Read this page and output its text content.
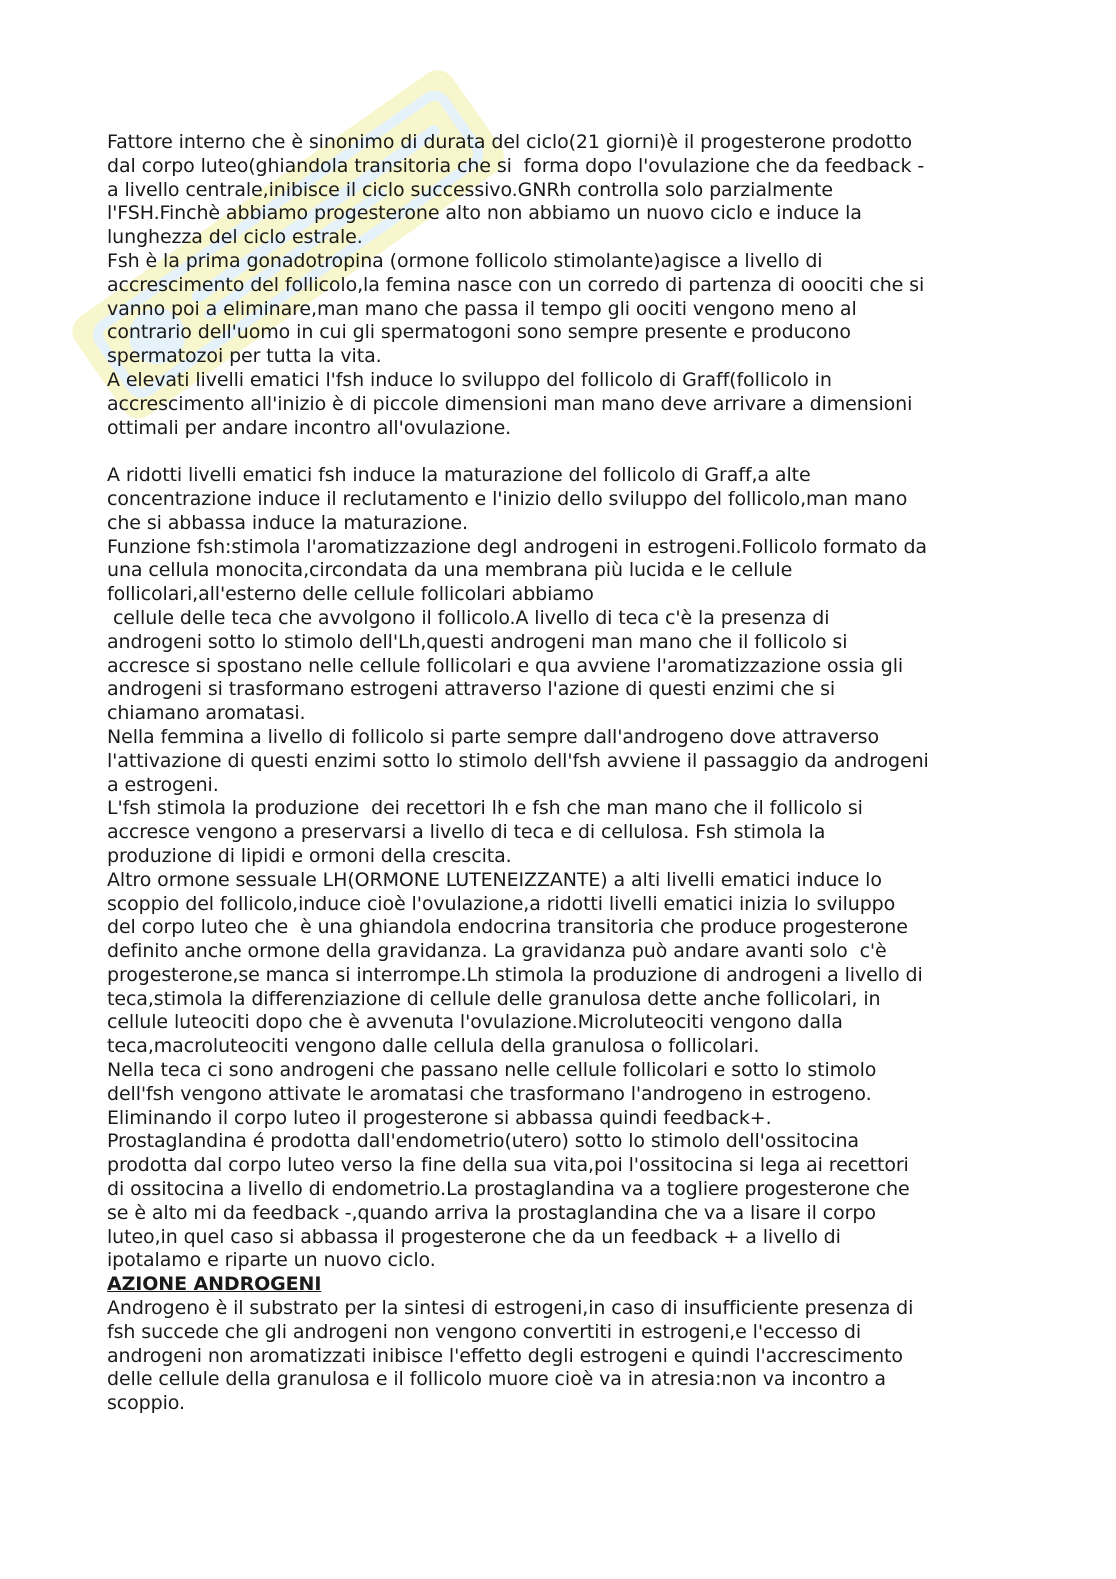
Fattore interno che è sinonimo di durata del ciclo(21 giorni)è il progesterone prodotto
dal corpo luteo(ghiandola transitoria che si  forma dopo l'ovulazione che da feedback -
a livello centrale,inibisce il ciclo successivo.GNRh controlla solo parzialmente
l'FSH.Finchè abbiamo progesterone alto non abbiamo un nuovo ciclo e induce la
lunghezza del ciclo estrale.
Fsh è la prima gonadotropina (ormone follicolo stimolante)agisce a livello di
accrescimento del follicolo,la femina nasce con un corredo di partenza di ooociti che si
vanno poi a eliminare,man mano che passa il tempo gli oociti vengono meno al
contrario dell'uomo in cui gli spermatogoni sono sempre presente e producono
spermatozoi per tutta la vita.
A elevati livelli ematici l'fsh induce lo sviluppo del follicolo di Graff(follicolo in
accrescimento all'inizio è di piccole dimensioni man mano deve arrivare a dimensioni
ottimali per andare incontro all'ovulazione.
A ridotti livelli ematici fsh induce la maturazione del follicolo di Graff,a alte
concentrazione induce il reclutamento e l'inizio dello sviluppo del follicolo,man mano
che si abbassa induce la maturazione.
Funzione fsh:stimola l'aromatizzazione degl androgeni in estrogeni.Follicolo formato da
una cellula monocita,circondata da una membrana più lucida e le cellule
follicolari,all'esterno delle cellule follicolari abbiamo
cellule delle teca che avvolgono il follicolo.A livello di teca c'è la presenza di
androgeni sotto lo stimolo dell'Lh,questi androgeni man mano che il follicolo si
accresce si spostano nelle cellule follicolari e qua avviene l'aromatizzazione ossia gli
androgeni si trasformano estrogeni attraverso l'azione di questi enzimi che si
chiamano aromatasi.
Nella femmina a livello di follicolo si parte sempre dall'androgeno dove attraverso
l'attivazione di questi enzimi sotto lo stimolo dell'fsh avviene il passaggio da androgeni
a estrogeni.
L'fsh stimola la produzione  dei recettori lh e fsh che man mano che il follicolo si
accresce vengono a preservarsi a livello di teca e di cellulosa. Fsh stimola la
produzione di lipidi e ormoni della crescita.
Altro ormone sessuale LH(ORMONE LUTENEIZZANTE) a alti livelli ematici induce lo
scoppio del follicolo,induce cioè l'ovulazione,a ridotti livelli ematici inizia lo sviluppo
del corpo luteo che  è una ghiandola endocrina transitoria che produce progesterone
definito anche ormone della gravidanza. La gravidanza può andare avanti solo  c'è
progesterone,se manca si interrompe.Lh stimola la produzione di androgeni a livello di
teca,stimola la differenziazione di cellule delle granulosa dette anche follicolari, in
cellule luteociti dopo che è avvenuta l'ovulazione.Microluteociti vengono dalla
teca,macroluteociti vengono dalle cellula della granulosa o follicolari.
Nella teca ci sono androgeni che passano nelle cellule follicolari e sotto lo stimolo
dell'fsh vengono attivate le aromatasi che trasformano l'androgeno in estrogeno.
Eliminando il corpo luteo il progesterone si abbassa quindi feedback+.
Prostaglandina é prodotta dall'endometrio(utero) sotto lo stimolo dell'ossitocina
prodotta dal corpo luteo verso la fine della sua vita,poi l'ossitocina si lega ai recettori
di ossitocina a livello di endometrio.La prostaglandina va a togliere progesterone che
se è alto mi da feedback -,quando arriva la prostaglandina che va a lisare il corpo
luteo,in quel caso si abbassa il progesterone che da un feedback + a livello di
ipotalamo e riparte un nuovo ciclo.
AZIONE ANDROGENI
Androgeno è il substrato per la sintesi di estrogeni,in caso di insufficiente presenza di
fsh succede che gli androgeni non vengono convertiti in estrogeni,e l'eccesso di
androgeni non aromatizzati inibisce l'effetto degli estrogeni e quindi l'accrescimento
delle cellule della granulosa e il follicolo muore cioè va in atresia:non va incontro a
scoppio.
